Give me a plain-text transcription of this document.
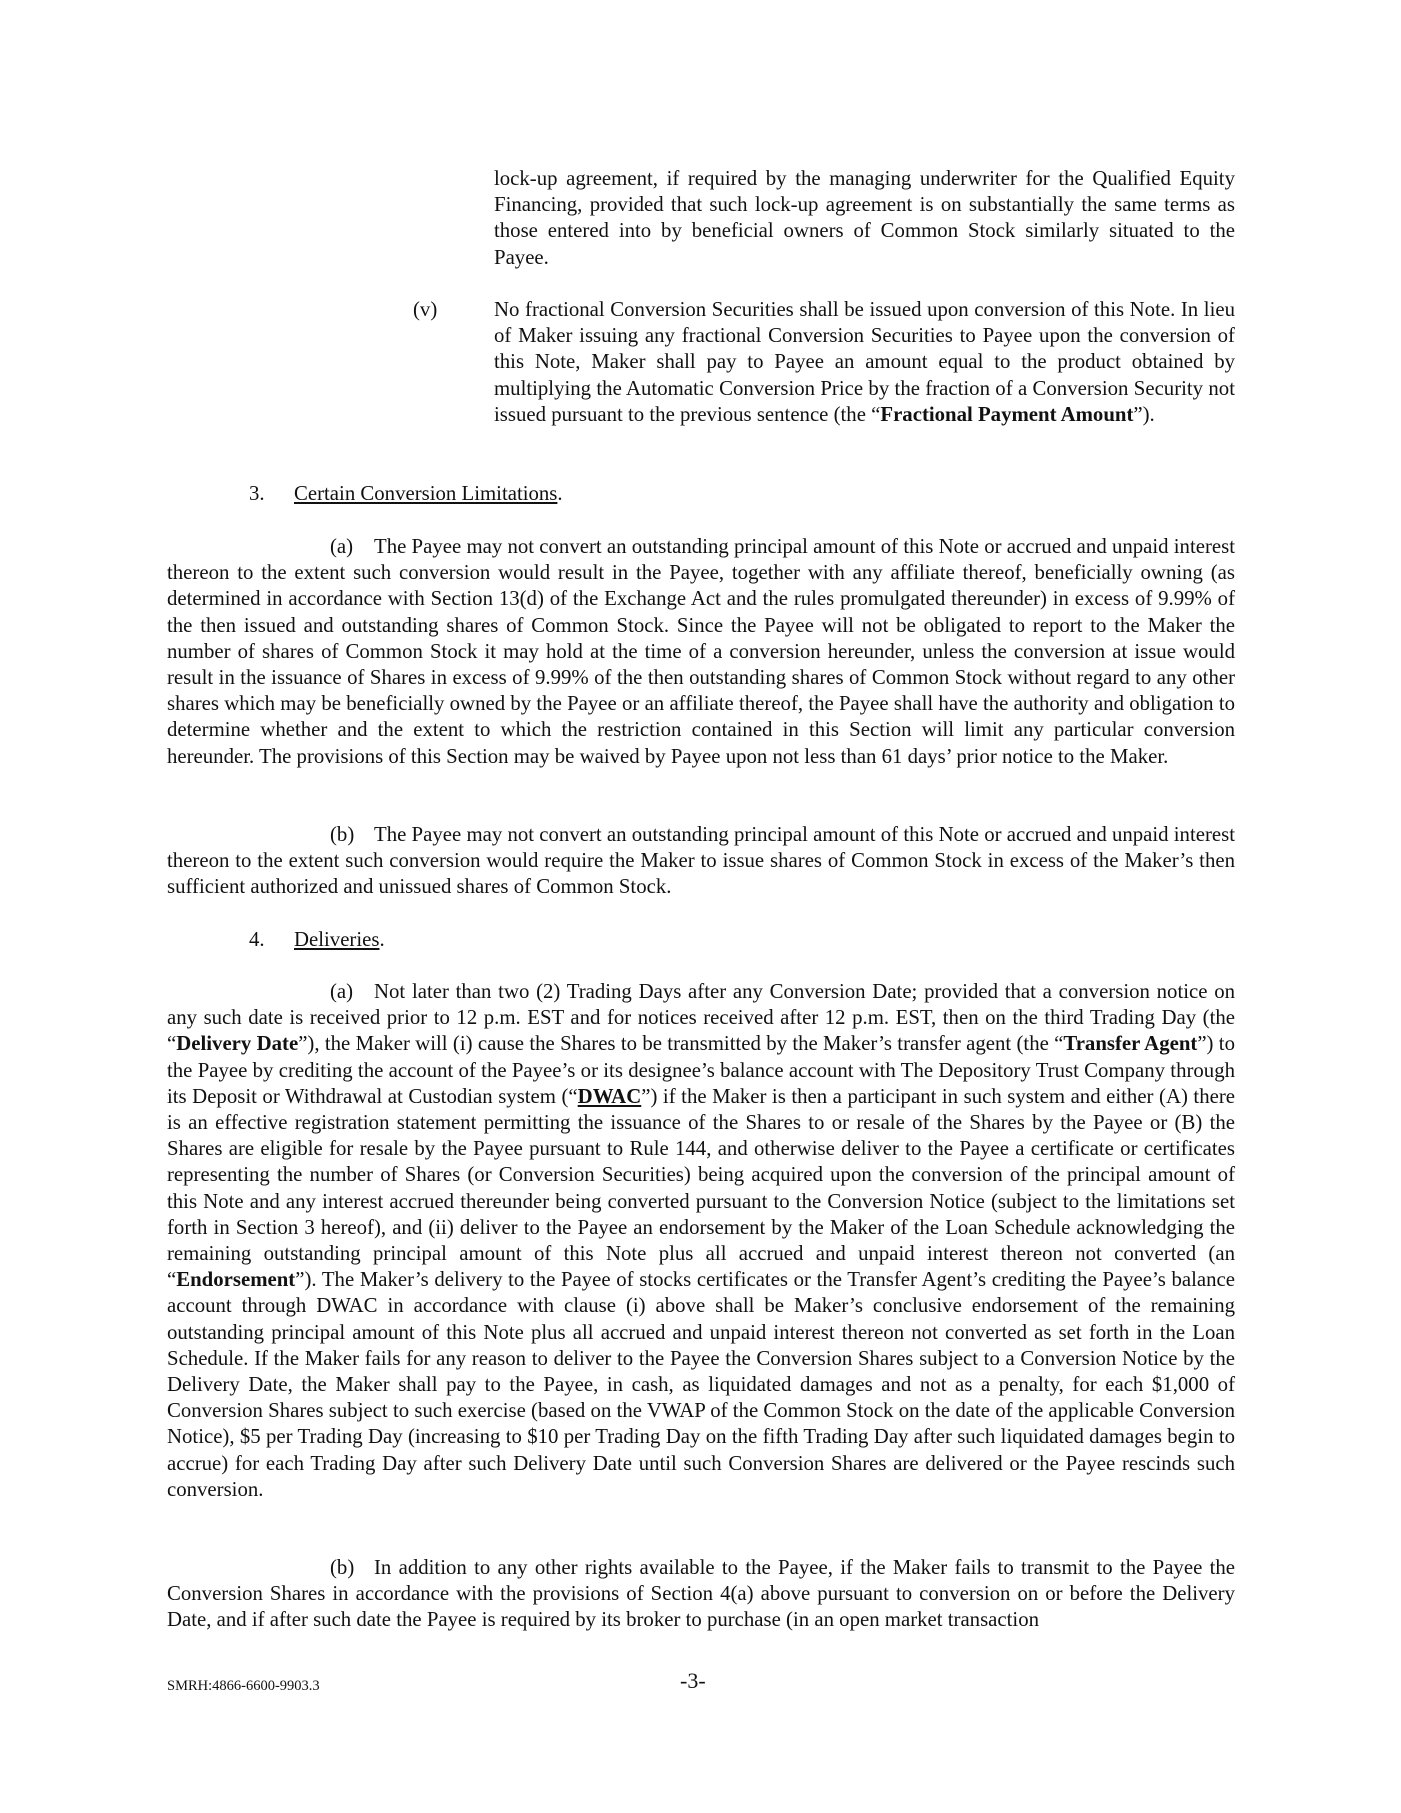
lock-up agreement, if required by the managing underwriter for the Qualified Equity Financing, provided that such lock-up agreement is on substantially the same terms as those entered into by beneficial owners of Common Stock similarly situated to the Payee.

(v)	No fractional Conversion Securities shall be issued upon conversion of this Note. In lieu of Maker issuing any fractional Conversion Securities to Payee upon the conversion of this Note, Maker shall pay to Payee an amount equal to the product obtained by multiplying the Automatic Conversion Price by the fraction of a Conversion Security not issued pursuant to the previous sentence (the “Fractional Payment Amount”).

3. Certain Conversion Limitations.

(a) The Payee may not convert an outstanding principal amount of this Note or accrued and unpaid interest thereon to the extent such conversion would result in the Payee, together with any affiliate thereof, beneficially owning (as determined in accordance with Section 13(d) of the Exchange Act and the rules promulgated thereunder) in excess of 9.99% of the then issued and outstanding shares of Common Stock. Since the Payee will not be obligated to report to the Maker the number of shares of Common Stock it may hold at the time of a conversion hereunder, unless the conversion at issue would result in the issuance of Shares in excess of 9.99% of the then outstanding shares of Common Stock without regard to any other shares which may be beneficially owned by the Payee or an affiliate thereof, the Payee shall have the authority and obligation to determine whether and the extent to which the restriction contained in this Section will limit any particular conversion hereunder. The provisions of this Section may be waived by Payee upon not less than 61 days’ prior notice to the Maker.

(b) The Payee may not convert an outstanding principal amount of this Note or accrued and unpaid interest thereon to the extent such conversion would require the Maker to issue shares of Common Stock in excess of the Maker’s then sufficient authorized and unissued shares of Common Stock.

4. Deliveries.

(a) Not later than two (2) Trading Days after any Conversion Date; provided that a conversion notice on any such date is received prior to 12 p.m. EST and for notices received after 12 p.m. EST, then on the third Trading Day (the “Delivery Date”), the Maker will (i) cause the Shares to be transmitted by the Maker’s transfer agent (the “Transfer Agent”) to the Payee by crediting the account of the Payee’s or its designee’s balance account with The Depository Trust Company through its Deposit or Withdrawal at Custodian system (“DWAC”) if the Maker is then a participant in such system and either (A) there is an effective registration statement permitting the issuance of the Shares to or resale of the Shares by the Payee or (B) the Shares are eligible for resale by the Payee pursuant to Rule 144, and otherwise deliver to the Payee a certificate or certificates representing the number of Shares (or Conversion Securities) being acquired upon the conversion of the principal amount of this Note and any interest accrued thereunder being converted pursuant to the Conversion Notice (subject to the limitations set forth in Section 3 hereof), and (ii) deliver to the Payee an endorsement by the Maker of the Loan Schedule acknowledging the remaining outstanding principal amount of this Note plus all accrued and unpaid interest thereon not converted (an “Endorsement”). The Maker’s delivery to the Payee of stocks certificates or the Transfer Agent’s crediting the Payee’s balance account through DWAC in accordance with clause (i) above shall be Maker’s conclusive endorsement of the remaining outstanding principal amount of this Note plus all accrued and unpaid interest thereon not converted as set forth in the Loan Schedule. If the Maker fails for any reason to deliver to the Payee the Conversion Shares subject to a Conversion Notice by the Delivery Date, the Maker shall pay to the Payee, in cash, as liquidated damages and not as a penalty, for each $1,000 of Conversion Shares subject to such exercise (based on the VWAP of the Common Stock on the date of the applicable Conversion Notice), $5 per Trading Day (increasing to $10 per Trading Day on the fifth Trading Day after such liquidated damages begin to accrue) for each Trading Day after such Delivery Date until such Conversion Shares are delivered or the Payee rescinds such conversion.

(b) In addition to any other rights available to the Payee, if the Maker fails to transmit to the Payee the Conversion Shares in accordance with the provisions of Section 4(a) above pursuant to conversion on or before the Delivery Date, and if after such date the Payee is required by its broker to purchase (in an open market transaction

SMRH:4866-6600-9903.3	-3-
